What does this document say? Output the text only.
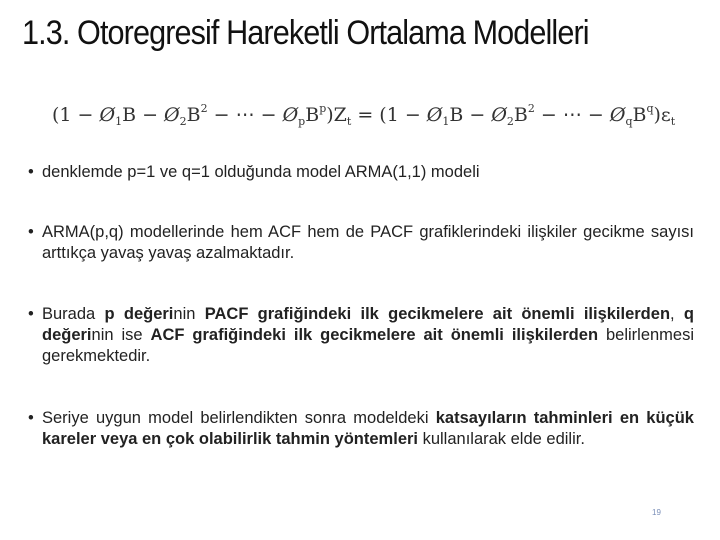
1.3. Otoregresif Hareketli Ortalama Modelleri
($1 - Ø_1B$ − $Ø_2B^2$ − ⋯ − $Ø_pB^p)Z_t = (1$ − $Ø_1B$ − $Ø_2B^2$ − ⋯ − $Ø_qB^q)\varepsilon_t$
• denklemde p=1 ve q=1 olduğunda model ARMA(1,1) modeli
• ARMA(p,q) modellerinde hem ACF hem de PACF grafiklerindeki ilişkiler gecikme sayısı arttıkça yavaş yavaş azalmaktadır.
• Burada p değerinin PACF grafiğindeki ilk gecikmelere ait önemli ilişkilerden, q değerinin ise ACF grafiğindeki ilk gecikmelere ait önemli ilişkilerden belirlenmesi gerekmektedir.
• Seriye uygun model belirlendikten sonra modeldeki katsayıların tahminleri en küçük kareler veya en çok olabilirlik tahmin yöntemleri kullanılarak elde edilir.
19
